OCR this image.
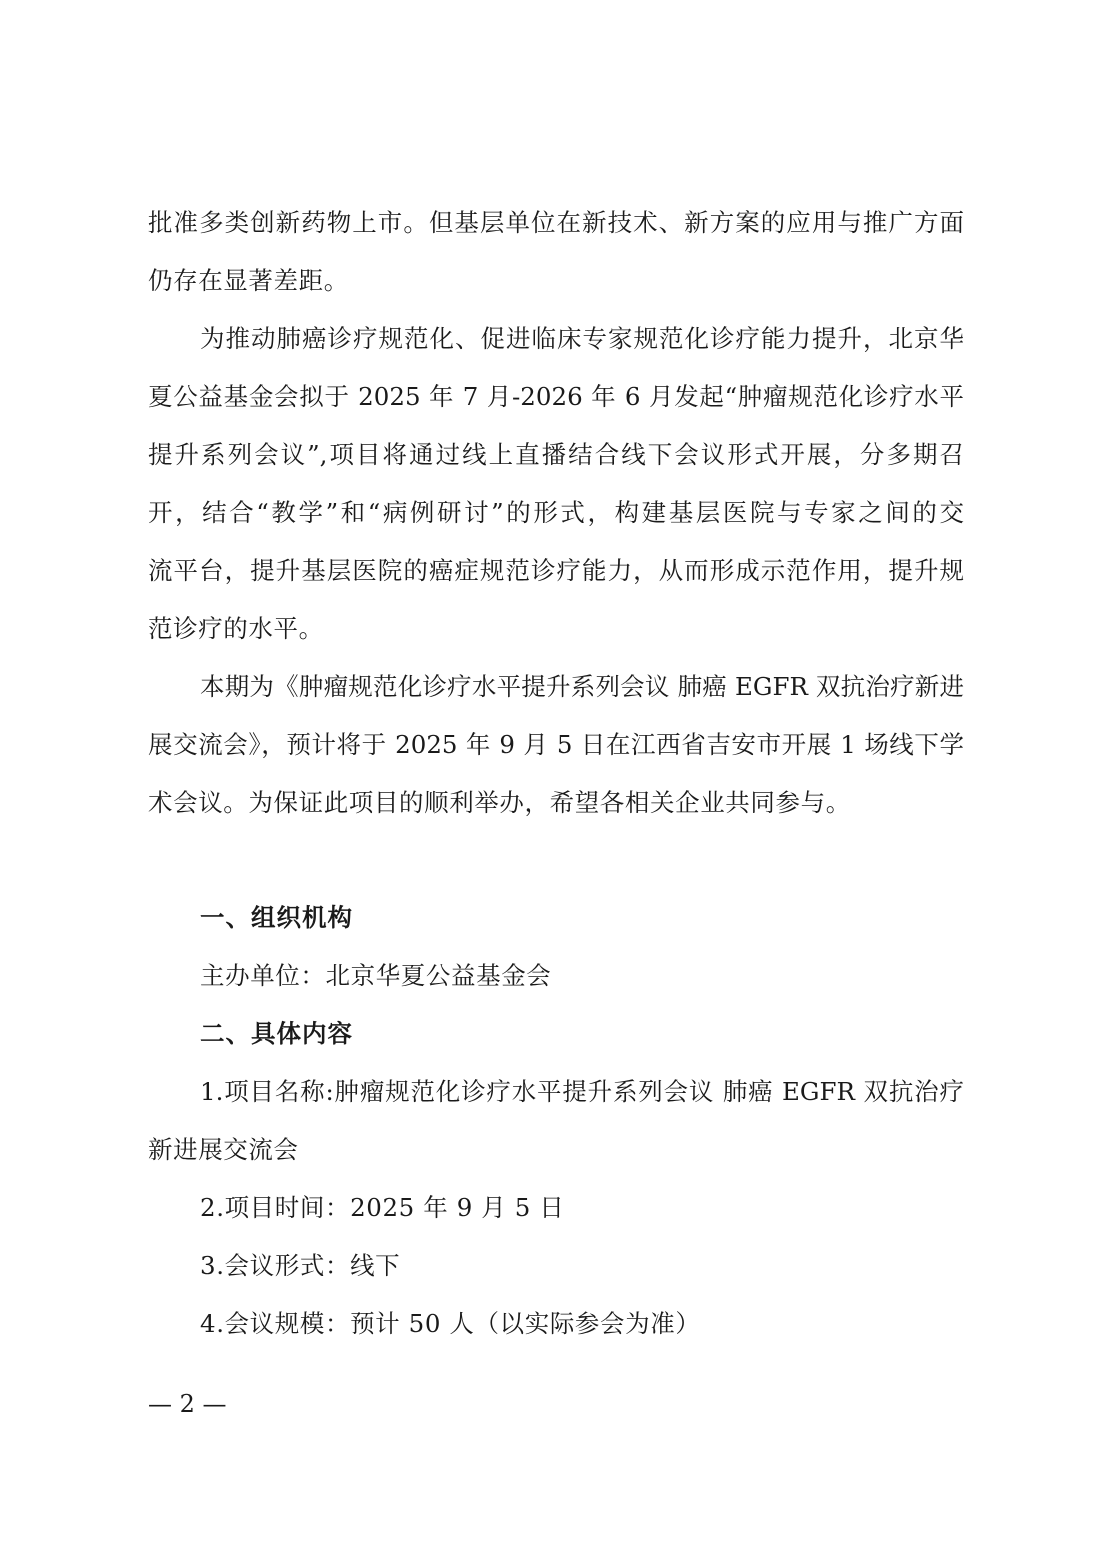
批准多类创新药物上市。但基层单位在新技术、新方案的应用与推广方面
仍存在显著差距。
为推动肺癌诊疗规范化、促进临床专家规范化诊疗能力提升，北京华
夏公益基金会拟于 2025 年 7 月-2026 年 6 月发起“肿瘤规范化诊疗水平
提升系列会议”,项目将通过线上直播结合线下会议形式开展，分多期召
开，结合“教学”和“病例研讨”的形式，构建基层医院与专家之间的交
流平台，提升基层医院的癌症规范诊疗能力，从而形成示范作用，提升规
范诊疗的水平。
本期为《肿瘤规范化诊疗水平提升系列会议 肺癌 EGFR 双抗治疗新进
展交流会》，预计将于 2025 年 9 月 5 日在江西省吉安市开展 1 场线下学
术会议。为保证此项目的顺利举办，希望各相关企业共同参与。
一、组织机构
主办单位：北京华夏公益基金会
二、具体内容
1.项目名称:肿瘤规范化诊疗水平提升系列会议 肺癌 EGFR 双抗治疗
新进展交流会
2.项目时间：2025 年 9 月 5 日
3.会议形式：线下
4.会议规模：预计 50 人（以实际参会为准）
— 2 —
